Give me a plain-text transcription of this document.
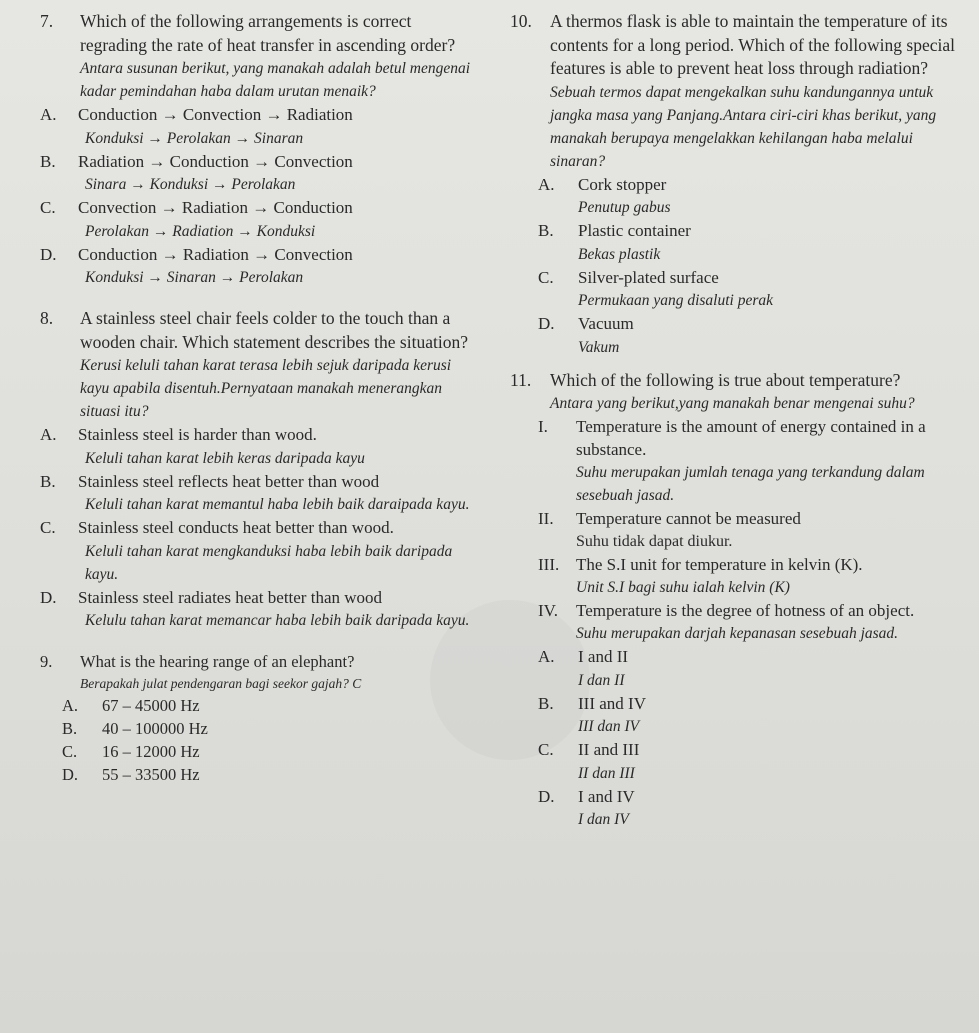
7.	Which of the following arrangements is correct regrading the rate of heat transfer in ascending order?
Antara susunan berikut, yang manakah adalah betul mengenai kadar pemindahan haba dalam urutan menaik?
A.	Conduction → Convection → Radiation
Konduksi → Perolakan → Sinaran
B.	Radiation → Conduction → Convection
Sinara → Konduksi → Perolakan
C.	Convection → Radiation → Conduction
Perolakan → Radiation → Konduksi
D.	Conduction → Radiation → Convection
Konduksi → Sinaran → Perolakan
8.	A stainless steel chair feels colder to the touch than a wooden chair. Which statement describes the situation?
Kerusi keluli tahan karat terasa lebih sejuk daripada kerusi kayu apabila disentuh.Pernyataan manakah menerangkan situasi itu?
A.	Stainless steel is harder than wood.
Keluli tahan karat lebih keras daripada kayu
B.	Stainless steel reflects heat better than wood
Keluli tahan karat memantul haba lebih baik daraipada kayu.
C.	Stainless steel conducts heat better than wood.
Keluli tahan karat mengkanduksi haba lebih baik daripada kayu.
D.	Stainless steel radiates heat better than wood
Kelulu tahan karat memancar haba lebih baik daripada kayu.
9.	What is the hearing range of an elephant?
Berapakah julat pendengaran bagi seekor gajah? C
A.	67 – 45000 Hz
B.	40 – 100000 Hz
C.	16 – 12000 Hz
D.	55 – 33500 Hz
10.	A thermos flask is able to maintain the temperature of its contents for a long period. Which of the following special features is able to prevent heat loss through radiation?
Sebuah termos dapat mengekalkan suhu kandungannya untuk jangka masa yang Panjang.Antara ciri-ciri khas berikut, yang manakah berupaya mengelakkan kehilangan haba melalui sinaran?
A.	Cork stopper
Penutup gabus
B.	Plastic container
Bekas plastik
C.	Silver-plated surface
Permukaan yang disaluti perak
D.	Vacuum
Vakum
11.	Which of the following is true about temperature?
Antara yang berikut,yang manakah benar mengenai suhu?
I.	Temperature is the amount of energy contained in a substance.
Suhu merupakan jumlah tenaga yang terkandung dalam sesebuah jasad.
II.	Temperature cannot be measured
Suhu tidak dapat diukur.
III. The S.I unit for temperature in kelvin (K).
Unit S.I bagi suhu ialah kelvin (K)
IV.	Temperature is the degree of hotness of an object.
Suhu merupakan darjah kepanasan sesebuah jasad.
A.	I and II
I dan II
B.	III and IV
III dan IV
C.	II and III
II dan III
D.	I and IV
I dan IV
